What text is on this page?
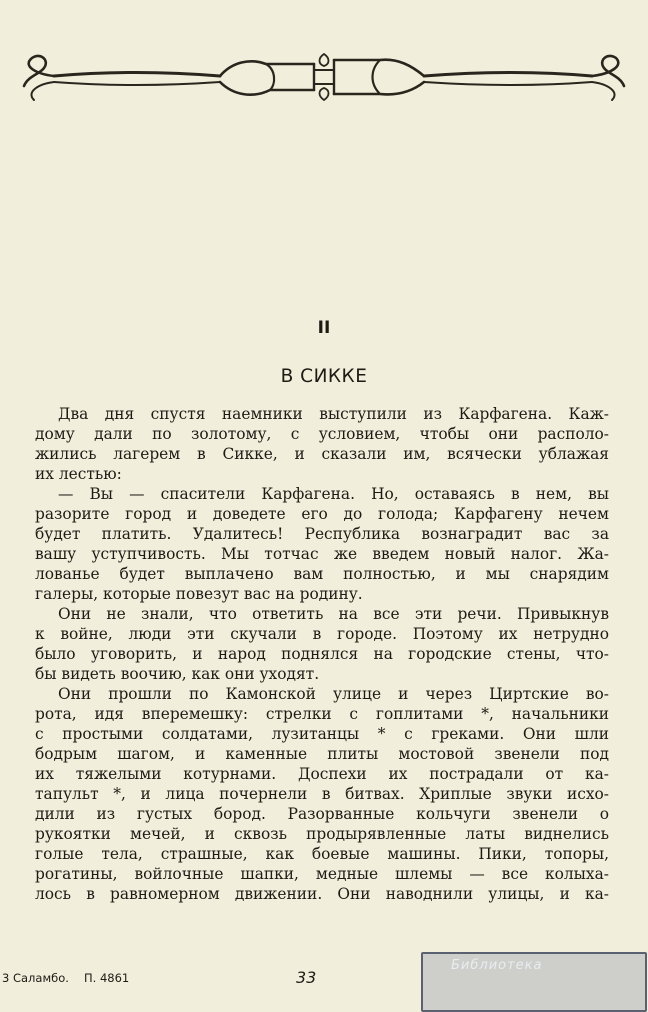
II
В СИККЕ
Два дня спустя наемники выступили из Карфагена. Каж-
дому дали по золотому, с условием, чтобы они располо-
жились лагерем в Сикке, и сказали им, всячески ублажая
их лестью:
— Вы — спасители Карфагена. Но, оставаясь в нем, вы
разорите город и доведете его до голода; Карфагену нечем
будет платить. Удалитесь! Республика вознаградит вас за
вашу уступчивость. Мы тотчас же введем новый налог. Жа-
лованье будет выплачено вам полностью, и мы снарядим
галеры, которые повезут вас на родину.
Они не знали, что ответить на все эти речи. Привыкнув
к войне, люди эти скучали в городе. Поэтому их нетрудно
было уговорить, и народ поднялся на городские стены, что-
бы видеть воочию, как они уходят.
Они прошли по Камонской улице и через Циртские во-
рота, идя вперемешку: стрелки с гоплитами *, начальники
с простыми солдатами, лузитанцы * с греками. Они шли
бодрым шагом, и каменные плиты мостовой звенели под
их тяжелыми котурнами. Доспехи их пострадали от ка-
тапульт *, и лица почернели в битвах. Хриплые звуки исхо-
дили из густых бород. Разорванные кольчуги звенели о
рукоятки мечей, и сквозь продырявленные латы виднелись
голые тела, страшные, как боевые машины. Пики, топоры,
рогатины, войлочные шапки, медные шлемы — все колыха-
лось в равномерном движении. Они наводнили улицы, и ка-
3 Саламбо. П. 4861	33
Библиотека
